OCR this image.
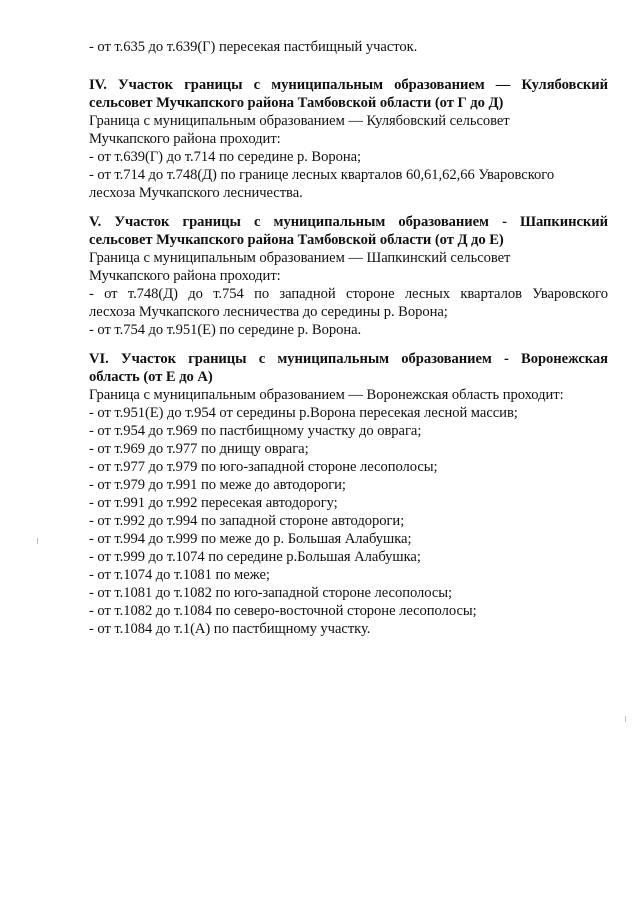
- от т.635 до т.639(Г) пересекая пастбищный участок.
IV. Участок границы с муниципальным образованием — Кулябовский
сельсовет Мучкапского района Тамбовской области (от Г до Д)
Граница с муниципальным образованием — Кулябовский сельсовет
Мучкапского района проходит:
- от т.639(Г) до т.714 по середине р. Ворона;
- от т.714 до т.748(Д) по границе лесных кварталов 60,61,62,66 Уваровского
лесхоза Мучкапского лесничества.
V. Участок границы с муниципальным образованием - Шапкинский
сельсовет Мучкапского района Тамбовской области (от Д до Е)
Граница с муниципальным образованием — Шапкинский сельсовет
Мучкапского района проходит:
- от т.748(Д) до т.754 по западной стороне лесных кварталов Уваровского
лесхоза Мучкапского лесничества до середины р. Ворона;
- от т.754 до т.951(Е) по середине р. Ворона.
VI. Участок границы с муниципальным образованием - Воронежская
область (от Е до А)
Граница с муниципальным образованием — Воронежская область проходит:
- от т.951(Е) до т.954 от середины р.Ворона пересекая лесной массив;
- от т.954 до т.969 по пастбищному участку до оврага;
- от т.969 до т.977 по днищу оврага;
- от т.977 до т.979 по юго-западной стороне лесополосы;
- от т.979 до т.991 по меже до автодороги;
- от т.991 до т.992 пересекая автодорогу;
- от т.992 до т.994 по западной стороне автодороги;
- от т.994 до т.999 по меже до р. Большая Алабушка;
- от т.999 до т.1074 по середине р.Большая Алабушка;
- от т.1074 до т.1081 по меже;
- от т.1081 до т.1082 по юго-западной стороне лесополосы;
- от т.1082 до т.1084 по северо-восточной стороне лесополосы;
- от т.1084 до т.1(А) по пастбищному участку.
